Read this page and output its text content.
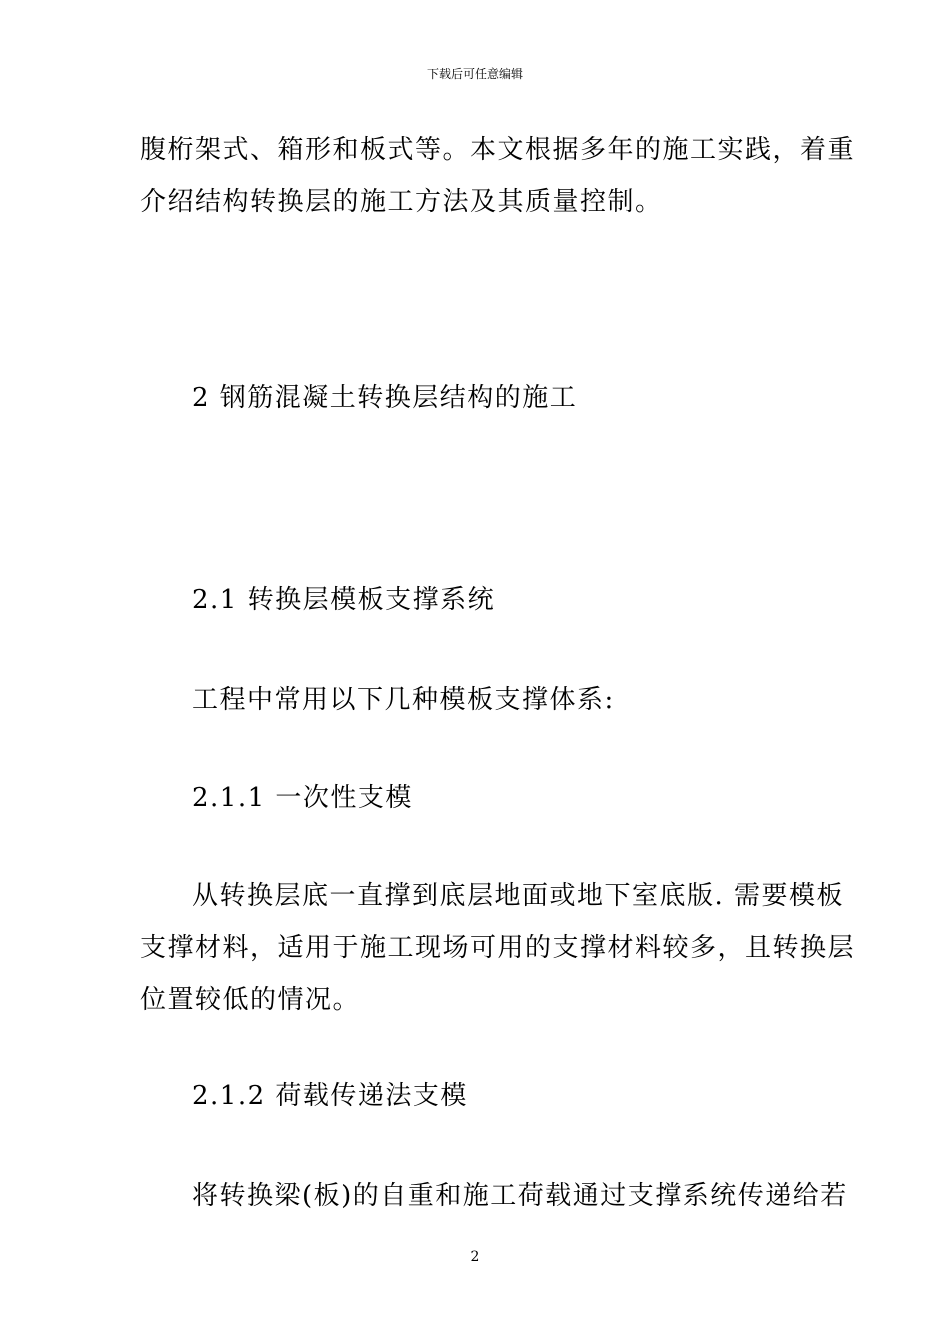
下载后可任意编辑
腹桁架式、箱形和板式等。本文根据多年的施工实践，着重
介绍结构转换层的施工方法及其质量控制。
2 钢筋混凝土转换层结构的施工
2.1 转换层模板支撑系统
工程中常用以下几种模板支撑体系:
2.1.1 一次性支模
从转换层底一直撑到底层地面或地下室底版. 需要模板
支撑材料，适用于施工现场可用的支撑材料较多，且转换层
位置较低的情况。
2.1.2 荷载传递法支模
将转换梁(板)的自重和施工荷载通过支撑系统传递给若
2
